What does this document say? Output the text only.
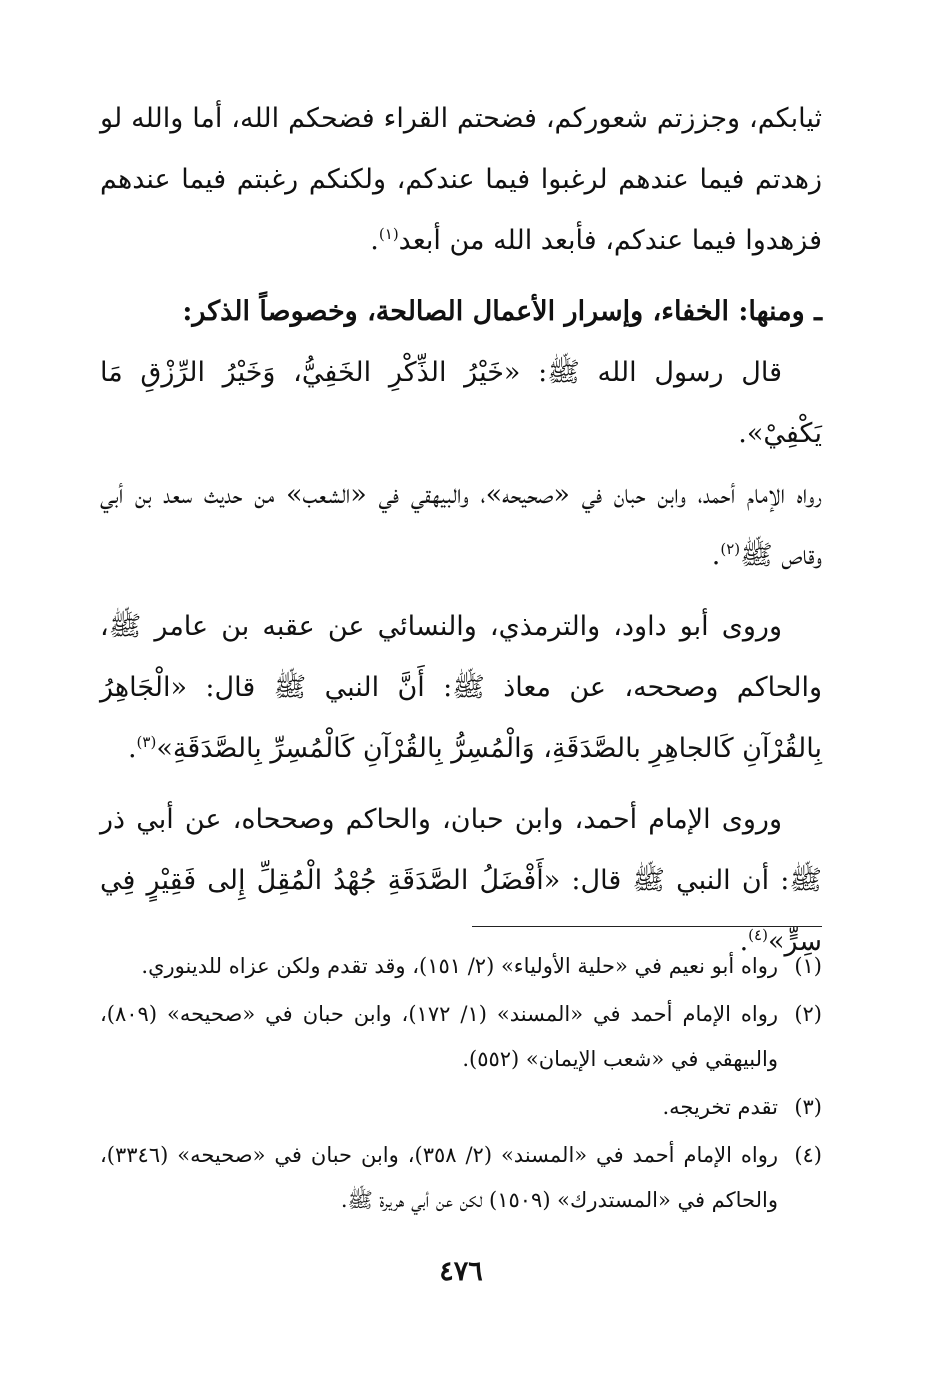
ثيابكم، وجززتم شعوركم، فضحتم القراء فضحكم الله، أما والله لو زهدتم فيما عندهم لرغبوا فيما عندكم، ولكنكم رغبتم فيما عندهم فزهدوا فيما عندكم، فأبعد الله من أبعد$^{(١)}$.

ـ ومنها: الخفاء، وإسرار الأعمال الصالحة، وخصوصاً الذكر:

قال رسول الله ﷺ: «خَيْرُ الذِّكْرِ الخَفِيُّ، وَخَيْرُ الرِّزْقِ مَا يَكْفِيْ».

رواه الإمام أحمد، وابن حبان في «صحيحه»، والبيهقي في «الشعب» من حديث سعد بن أبي وقاص ﷺ$^{(٢)}$.

وروى أبو داود، والترمذي، والنسائي عن عقبه بن عامر ﷺ، والحاكم وصححه، عن معاذ ﷺ: أَنَّ النبي ﷺ قال: «الْجَاهِرُ بِالقُرْآنِ كَالجاهِرِ بالصَّدَقَةِ، وَالْمُسِرُّ بِالقُرْآنِ كَالْمُسِرِّ بِالصَّدَقَةِ»$^{(٣)}$.

وروى الإمام أحمد، وابن حبان، والحاكم وصححاه، عن أبي ذر ﷺ: أن النبي ﷺ قال: «أَفْضَلُ الصَّدَقَةِ جُهْدُ الْمُقِلِّ إِلى فَقِيْرٍ فِي سِرٍّ»$^{(٤)}$.

(١)
رواه أبو نعيم في «حلية الأولياء» (٢/ ١٥١)، وقد تقدم ولكن عزاه للدينوري.
(٢)
رواه الإمام أحمد في «المسند» (١/ ١٧٢)، وابن حبان في «صحيحه» (٨٠٩)، والبيهقي في «شعب الإيمان» (٥٥٢).
(٣)
تقدم تخريجه.
(٤)
رواه الإمام أحمد في «المسند» (٢/ ٣٥٨)، وابن حبان في «صحيحه» (٣٣٤٦)، والحاكم في «المستدرك» (١٥٠٩) لكن عن أبي هريرة ﷺ.
٤٧٦
